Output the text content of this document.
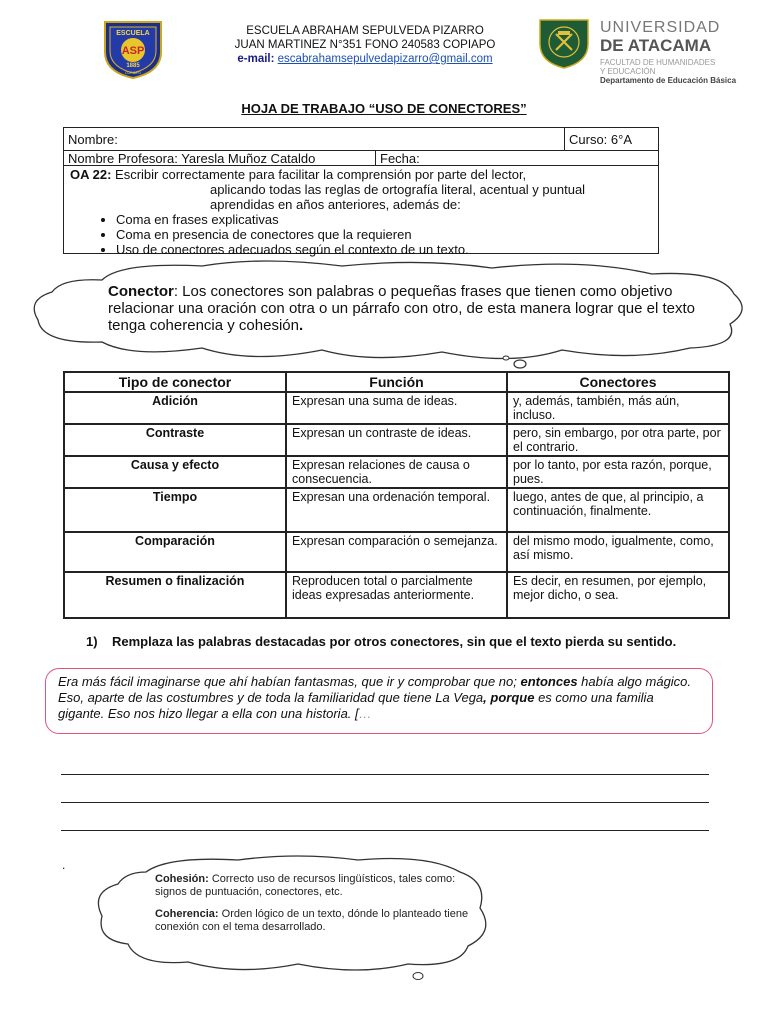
ESCUELA
ASP
1885
COPIAPO
ESCUELA ABRAHAM SEPULVEDA PIZARRO
JUAN MARTINEZ N°351 FONO 240583 COPIAPO
e-mail: escabrahamsepulvedapizarro@gmail.com
UNIVERSIDAD
DE ATACAMA
FACULTAD DE HUMANIDADES
Y EDUCACIÓN
Departamento de Educación Básica
HOJA DE TRABAJO “USO DE CONECTORES”
Nombre:	Curso: 6°A
Nombre Profesora: Yaresla Muñoz Cataldo	Fecha:
OA 22: Escribir correctamente para facilitar la comprensión por parte del lector,
aplicando todas las reglas de ortografía literal, acentual y puntual
aprendidas en años anteriores, además de:
• Coma en frases explicativas
• Coma en presencia de conectores que la requieren
• Uso de conectores adecuados según el contexto de un texto.
Conector: Los conectores son palabras o pequeñas frases que tienen como objetivo relacionar una oración con otra o un párrafo con otro, de esta manera lograr que el texto tenga coherencia y cohesión.
Tipo de conector	Función	Conectores
Adición	Expresan una suma de ideas.	y, además, también, más aún, incluso.
Contraste	Expresan un contraste de ideas.	pero, sin embargo, por otra parte, por el contrario.
Causa y efecto	Expresan relaciones de causa o consecuencia.	por lo tanto, por esta razón, porque, pues.
Tiempo	Expresan una ordenación temporal.	luego, antes de que, al principio, a continuación, finalmente.
Comparación	Expresan comparación o semejanza.	del mismo modo, igualmente, como, así mismo.
Resumen o finalización	Reproducen total o parcialmente ideas expresadas anteriormente.	Es decir, en resumen, por ejemplo, mejor dicho, o sea.
1)	Remplaza las palabras destacadas por otros conectores, sin que el texto pierda su sentido.
Era más fácil imaginarse que ahí habían fantasmas, que ir y comprobar que no; entonces había algo mágico. Eso, aparte de las costumbres y de toda la familiaridad que tiene La Vega, porque es como una familia gigante. Eso nos hizo llegar a ella con una historia. […
.
Cohesión: Correcto uso de recursos lingüísticos, tales como: signos de puntuación, conectores, etc.
Coherencia: Orden lógico de un texto, dónde lo planteado tiene conexión con el tema desarrollado.
